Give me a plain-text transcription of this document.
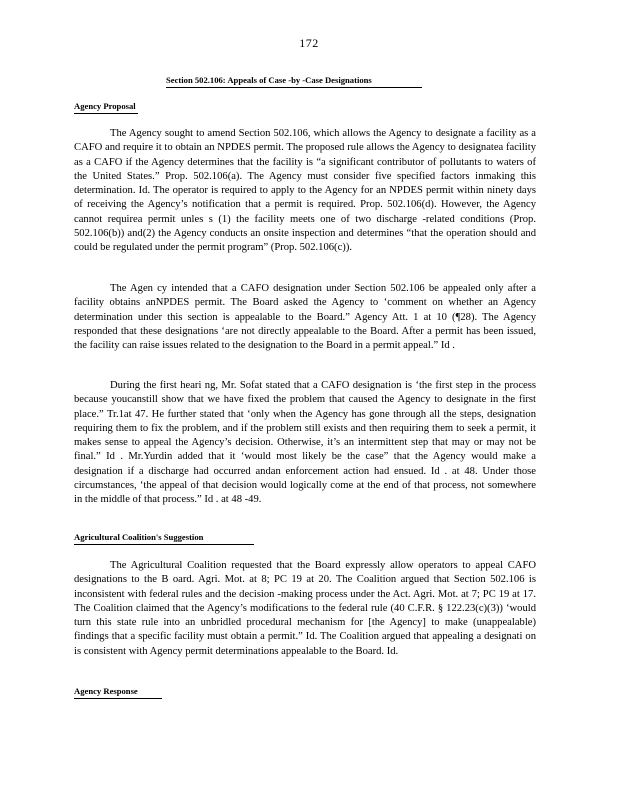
172
Section 502.106: Appeals of Case -by -Case Designations
Agency Proposal

The Agency sought to amend Section 502.106, which allows the Agency to designate a facility as a CAFO and require it to obtain an NPDES permit. The proposed rule allows the Agency to designatea facility as a CAFO if the Agency determines that the facility is “a significant contributor of pollutants to waters of the United States.” Prop. 502.106(a). The Agency must consider five specified factors inmaking this determination. Id. The operator is required to apply to the Agency for an NPDES permit within ninety days of receiving the Agency’s notification that a permit is required. Prop. 502.106(d). However, the Agency cannot requirea permit unles s (1) the facility meets one of two discharge -related conditions (Prop. 502.106(b)) and(2) the Agency conducts an onsite inspection and determines “that the operation should and could be regulated under the permit program” (Prop. 502.106(c)).

The Agen cy intended that a CAFO designation under Section 502.106 be appealed only after a facility obtains anNPDES permit. The Board asked the Agency to ‘comment on whether an Agency determination under this section is appealable to the Board.” Agency Att. 1 at 10 (¶28). The Agency responded that these designations ‘are not directly appealable to the Board. After a permit has been issued, the facility can raise issues related to the designation to the Board in a permit appeal.” Id .

During the first heari ng, Mr. Sofat stated that a CAFO designation is ‘the first step in the process because youcanstill show that we have fixed the problem that caused the Agency to designate in the first place.” Tr.1at 47. He further stated that ‘only when the Agency has gone through all the steps, designation requiring them to fix the problem, and if the problem still exists and then requiring them to seek a permit, it makes sense to appeal the Agency’s decision. Otherwise, it’s an intermittent step that may or may not be final.” Id . Mr.Yurdin added that it ‘would most likely be the case” that the Agency would make a designation if a discharge had occurred andan enforcement action had ensued. Id . at 48. Under those circumstances, ‘the appeal of that decision would logically come at the end of that process, not somewhere in the middle of that process.” Id . at 48 -49.

Agricultural Coalition's Suggestion

The Agricultural Coalition requested that the Board expressly allow operators to appeal CAFO designations to the B oard. Agri. Mot. at 8; PC 19 at 20. The Coalition argued that Section 502.106 is inconsistent with federal rules and the decision -making process under the Act. Agri. Mot. at 7; PC 19 at 17. The Coalition claimed that the Agency’s modifications to the federal rule (40 C.F.R. § 122.23(c)(3)) ‘would turn this state rule into an unbridled procedural mechanism for [the Agency] to make (unappealable) findings that a specific facility must obtain a permit.” Id. The Coalition argued that appealing a designati on is consistent with Agency permit determinations appealable to the Board. Id.

Agency Response
